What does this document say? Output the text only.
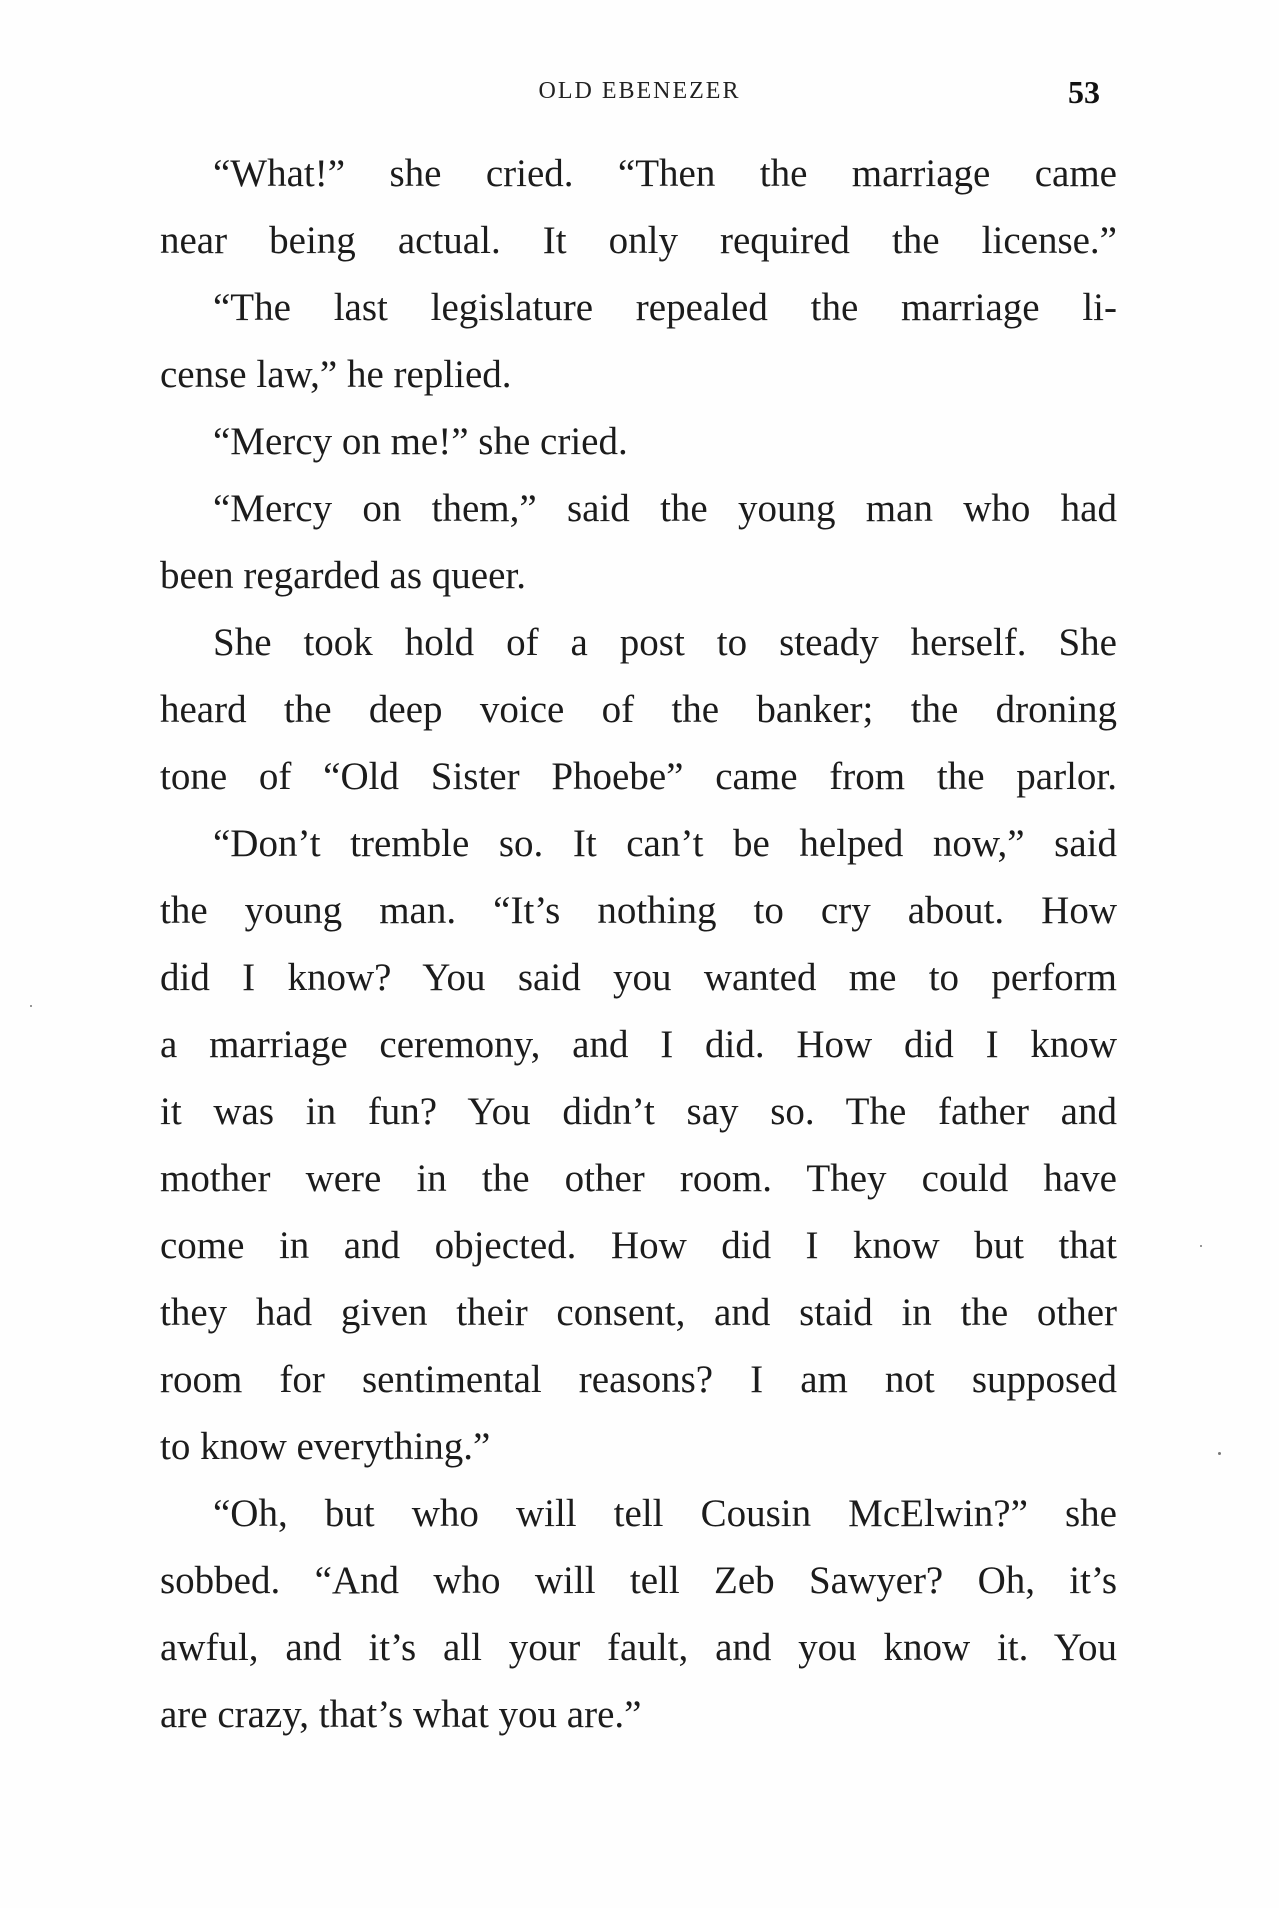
OLD EBENEZER	53
“What!” she cried. “Then the marriage came
near being actual. It only required the license.”
“The last legislature repealed the marriage li-
cense law,” he replied.
“Mercy on me!” she cried.
“Mercy on them,” said the young man who had
been regarded as queer.
She took hold of a post to steady herself. She
heard the deep voice of the banker; the droning
tone of “Old Sister Phoebe” came from the parlor.
“Don’t tremble so. It can’t be helped now,” said
the young man. “It’s nothing to cry about. How
did I know? You said you wanted me to perform
a marriage ceremony, and I did. How did I know
it was in fun? You didn’t say so. The father and
mother were in the other room. They could have
come in and objected. How did I know but that
they had given their consent, and staid in the other
room for sentimental reasons? I am not supposed
to know everything.”
“Oh, but who will tell Cousin McElwin?” she
sobbed. “And who will tell Zeb Sawyer? Oh, it’s
awful, and it’s all your fault, and you know it. You
are crazy, that’s what you are.”
